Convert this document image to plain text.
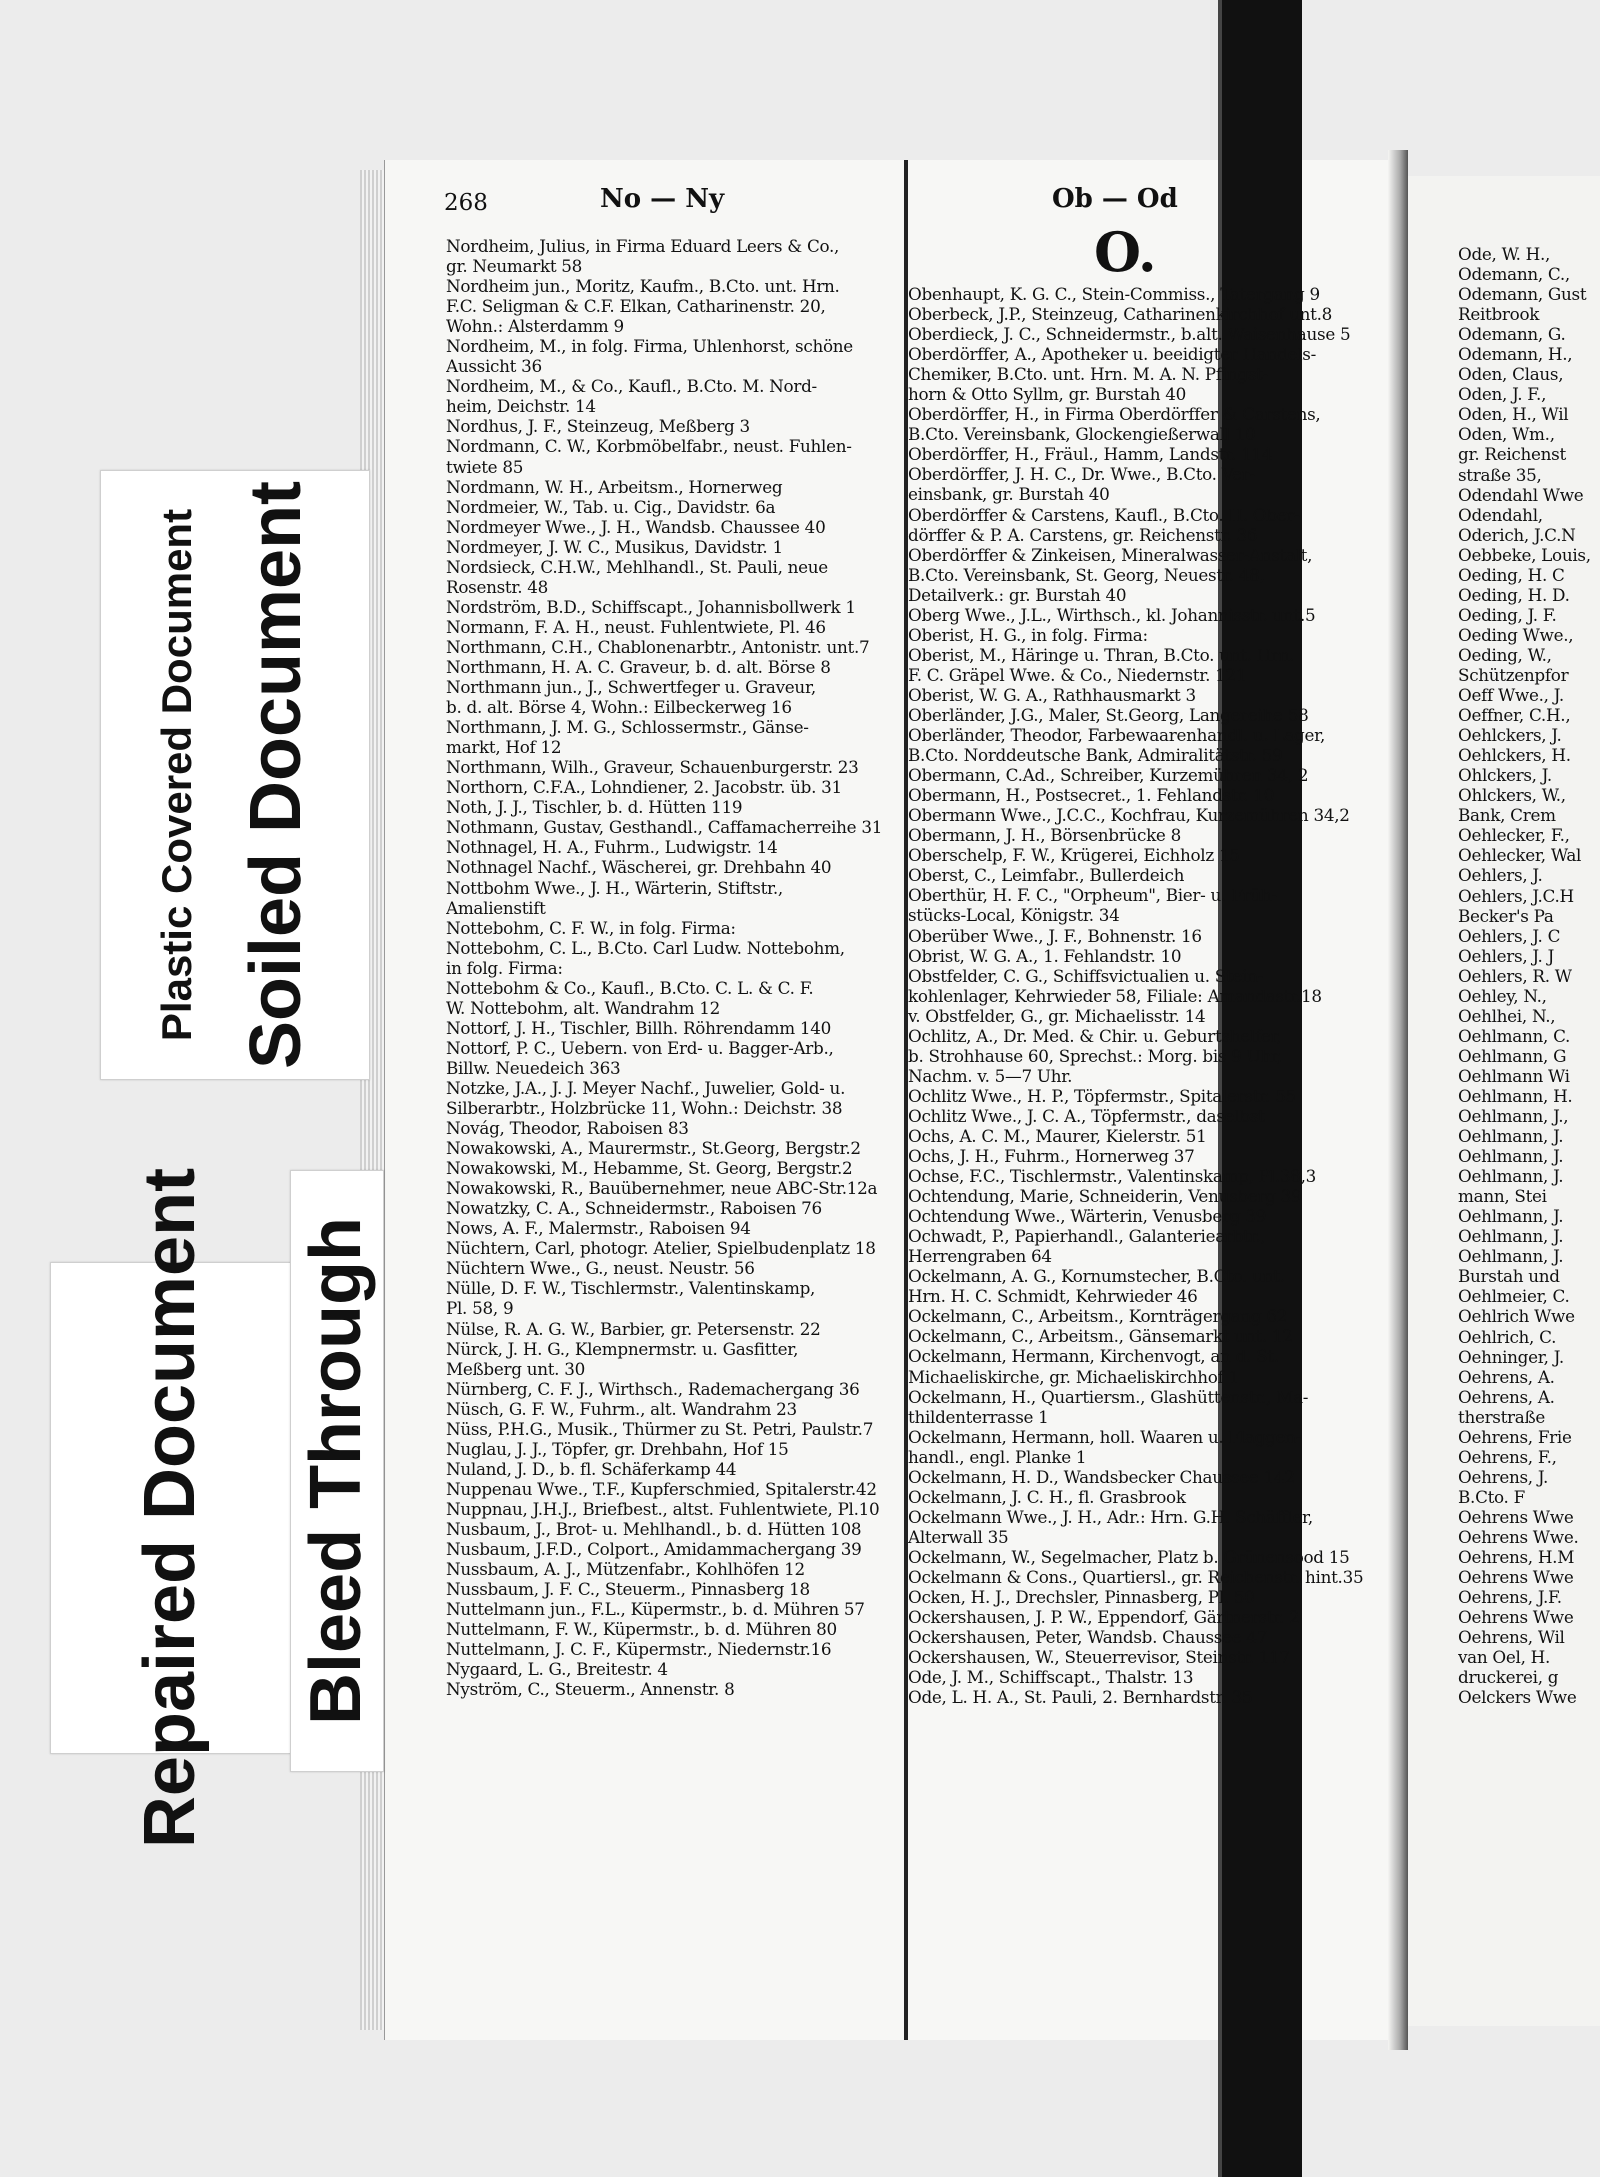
268	No — Ny	Ob — Od
O.
Nordheim, Julius, in Firma Eduard Leers & Co.,
gr. Neumarkt 58
Nordheim jun., Moritz, Kaufm., B.Cto. unt. Hrn.
F.C. Seligman & C.F. Elkan, Catharinenstr. 20,
Wohn.: Alsterdamm 9
Nordheim, M., in folg. Firma, Uhlenhorst, schöne
Aussicht 36
Nordheim, M., & Co., Kaufl., B.Cto. M. Nord-
heim, Deichstr. 14
Nordhus, J. F., Steinzeug, Meßberg 3
Nordmann, C. W., Korbmöbelfabr., neust. Fuhlen-
twiete 85
Nordmann, W. H., Arbeitsm., Hornerweg
Nordmeier, W., Tab. u. Cig., Davidstr. 6a
Nordmeyer Wwe., J. H., Wandsb. Chaussee 40
Nordmeyer, J. W. C., Musikus, Davidstr. 1
Nordsieck, C.H.W., Mehlhandl., St. Pauli, neue
Rosenstr. 48
Nordström, B.D., Schiffscapt., Johannisbollwerk 1
Normann, F. A. H., neust. Fuhlentwiete, Pl. 46
Northmann, C.H., Chablonenarbtr., Antonistr. unt.7
Northmann, H. A. C. Graveur, b. d. alt. Börse 8
Northmann jun., J., Schwertfeger u. Graveur,
b. d. alt. Börse 4, Wohn.: Eilbeckerweg 16
Northmann, J. M. G., Schlossermstr., Gänse-
markt, Hof 12
Northmann, Wilh., Graveur, Schauenburgerstr. 23
Northorn, C.F.A., Lohndiener, 2. Jacobstr. üb. 31
Noth, J. J., Tischler, b. d. Hütten 119
Nothmann, Gustav, Gesthandl., Caffamacherreihe 31
Nothnagel, H. A., Fuhrm., Ludwigstr. 14
Nothnagel Nachf., Wäscherei, gr. Drehbahn 40
Nottbohm Wwe., J. H., Wärterin, Stiftstr.,
Amalienstift
Nottebohm, C. F. W., in folg. Firma:
Nottebohm, C. L., B.Cto. Carl Ludw. Nottebohm,
in folg. Firma:
Nottebohm & Co., Kaufl., B.Cto. C. L. & C. F.
W. Nottebohm, alt. Wandrahm 12
Nottorf, J. H., Tischler, Billh. Röhrendamm 140
Nottorf, P. C., Uebern. von Erd- u. Bagger-Arb.,
Billw. Neuedeich 363
Notzke, J.A., J. J. Meyer Nachf., Juwelier, Gold- u.
Silberarbtr., Holzbrücke 11, Wohn.: Deichstr. 38
Novág, Theodor, Raboisen 83
Nowakowski, A., Maurermstr., St.Georg, Bergstr.2
Nowakowski, M., Hebamme, St. Georg, Bergstr.2
Nowakowski, R., Bauübernehmer, neue ABC-Str.12a
Nowatzky, C. A., Schneidermstr., Raboisen 76
Nows, A. F., Malermstr., Raboisen 94
Nüchtern, Carl, photogr. Atelier, Spielbudenplatz 18
Nüchtern Wwe., G., neust. Neustr. 56
Nülle, D. F. W., Tischlermstr., Valentinskamp,
Pl. 58, 9
Nülse, R. A. G. W., Barbier, gr. Petersenstr. 22
Nürck, J. H. G., Klempnermstr. u. Gasfitter,
Meßberg unt. 30
Nürnberg, C. F. J., Wirthsch., Rademachergang 36
Nüsch, G. F. W., Fuhrm., alt. Wandrahm 23
Nüss, P.H.G., Musik., Thürmer zu St. Petri, Paulstr.7
Nuglau, J. J., Töpfer, gr. Drehbahn, Hof 15
Nuland, J. D., b. fl. Schäferkamp 44
Nuppenau Wwe., T.F., Kupferschmied, Spitalerstr.42
Nuppnau, J.H.J., Briefbest., altst. Fuhlentwiete, Pl.10
Nusbaum, J., Brot- u. Mehlhandl., b. d. Hütten 108
Nusbaum, J.F.D., Colport., Amidammachergang 39
Nussbaum, A. J., Mützenfabr., Kohlhöfen 12
Nussbaum, J. F. C., Steuerm., Pinnasberg 18
Nuttelmann jun., F.L., Küpermstr., b. d. Mühren 57
Nuttelmann, F. W., Küpermstr., b. d. Mühren 80
Nuttelmann, J. C. F., Küpermstr., Niedernstr.16
Nygaard, L. G., Breitestr. 4
Nyström, C., Steuerm., Annenstr. 8
Obenhaupt, K. G. C., Stein-Commiss., Tatergang 9
Oberbeck, J.P., Steinzeug, Catharinenkirchhof unt.8
Oberdieck, J. C., Schneidermstr., b.alt. Waisenhause 5
Oberdörffer, A., Apotheker u. beeidigter Handels-
Chemiker, B.Cto. unt. Hrn. M. A. N. Pfingst-
horn & Otto Syllm, gr. Burstah 40
Oberdörffer, H., in Firma Oberdörffer & Carstens,
B.Cto. Vereinsbank, Glockengießerwall 10
Oberdörffer, H., Fräul., Hamm, Landstr. 114
Oberdörffer, J. H. C., Dr. Wwe., B.Cto. Ver-
einsbank, gr. Burstah 40
Oberdörffer & Carstens, Kaufl., B.Cto. H. Ober-
dörffer & P. A. Carstens, gr. Reichenstr. 36
Oberdörffer & Zinkeisen, Mineralwasser-Anstalt,
B.Cto. Vereinsbank, St. Georg, Neuestr. 48,
Detailverk.: gr. Burstah 40
Oberg Wwe., J.L., Wirthsch., kl. Johannisstr. unt.5
Oberist, H. G., in folg. Firma:
Oberist, M., Häringe u. Thran, B.Cto. unt. Hrn.
F. C. Gräpel Wwe. & Co., Niedernstr. 121
Oberist, W. G. A., Rathhausmarkt 3
Oberländer, J.G., Maler, St.Georg, Langereihe 58
Oberländer, Theodor, Farbewaarenhandl. u. Lager,
B.Cto. Norddeutsche Bank, Admiralitätstr. 59
Obermann, C.Ad., Schreiber, Kurzemühren 34, 2
Obermann, H., Postsecret., 1. Fehlandstr. 10
Obermann Wwe., J.C.C., Kochfrau, Kurzemühren 34,2
Obermann, J. H., Börsenbrücke 8
Oberschelp, F. W., Krügerei, Eichholz 15
Oberst, C., Leimfabr., Bullerdeich
Oberthür, H. F. C., "Orpheum", Bier- u. Früh-
stücks-Local, Königstr. 34
Oberüber Wwe., J. F., Bohnenstr. 16
Obrist, W. G. A., 1. Fehlandstr. 10
Obstfelder, C. G., Schiffsvictualien u. Stein-
kohlenlager, Kehrwieder 58, Filiale: Amandastr.18
v. Obstfelder, G., gr. Michaelisstr. 14
Ochlitz, A., Dr. Med. & Chir. u. Geburtshelfer,
b. Strohhause 60, Sprechst.: Morg. bis 9 Uhr,
Nachm. v. 5—7 Uhr.
Ochlitz Wwe., H. P., Töpfermstr., Spitalerstr. 55
Ochlitz Wwe., J. C. A., Töpfermstr., daselbst
Ochs, A. C. M., Maurer, Kielerstr. 51
Ochs, J. H., Fuhrm., Hornerweg 37
Ochse, F.C., Tischlermstr., Valentinskamp, Pl.38,3
Ochtendung, Marie, Schneiderin, Venusberg 39
Ochtendung Wwe., Wärterin, Venusberg 39
Ochwadt, P., Papierhandl., Galanteriearbtr.,
Herrengraben 64
Ockelmann, A. G., Kornumstecher, B.Cto. unt.
Hrn. H. C. Schmidt, Kehrwieder 46
Ockelmann, C., Arbeitsm., Kornträgergang 62
Ockelmann, C., Arbeitsm., Gänsemarkt unt. 12
Ockelmann, Hermann, Kirchenvogt, an d. St.
Michaeliskirche, gr. Michaeliskirchhof 1
Ockelmann, H., Quartiersm., Glashüttenstr., Ma-
thildenterrasse 1
Ockelmann, Hermann, holl. Waaren u. Flaggen-
handl., engl. Planke 1
Ockelmann, H. D., Wandsbecker Chaussee 142
Ockelmann, J. C. H., fl. Grasbrook
Ockelmann Wwe., J. H., Adr.: Hrn. G.H. Schäffler,
Alterwall 35
Ockelmann, W., Segelmacher, Platz b. Grünensood 15
Ockelmann & Cons., Quartiersl., gr. Reichenstr. hint.35
Ocken, H. J., Drechsler, Pinnasberg, Pl. 50
Ockershausen, J. P. W., Eppendorf, Gärtnerstr. 2
Ockershausen, Peter, Wandsb. Chaussee 47
Ockershausen, W., Steuerrevisor, Steinstr. 117
Ode, J. M., Schiffscapt., Thalstr. 13
Ode, L. H. A., St. Pauli, 2. Bernhardstr. 35
Ode, W. H.,
Odemann, C.,
Odemann, Gust
Reitbrook
Odemann, G.
Odemann, H.,
Oden, Claus,
Oden, J. F.,
Oden, H., Wil
Oden, Wm.,
gr. Reichenst
straße 35,
Odendahl Wwe
Odendahl,
Oderich, J.C.N
Oebbeke, Louis,
Oeding, H. C
Oeding, H. D.
Oeding, J. F.
Oeding Wwe.,
Oeding, W.,
Schützenpfor
Oeff Wwe., J.
Oeffner, C.H.,
Oehlckers, J.
Oehlckers, H.
Ohlckers, J.
Ohlckers, W.,
Bank, Crem
Oehlecker, F.,
Oehlecker, Wal
Oehlers, J.
Oehlers, J.C.H
Becker's Pa
Oehlers, J. C
Oehlers, J. J
Oehlers, R. W
Oehley, N.,
Oehlhei, N.,
Oehlmann, C.
Oehlmann, G
Oehlmann Wi
Oehlmann, H.
Oehlmann, J.,
Oehlmann, J.
Oehlmann, J.
Oehlmann, J.
mann, Stei
Oehlmann, J.
Oehlmann, J.
Oehlmann, J.
Burstah und
Oehlmeier, C.
Oehlrich Wwe
Oehlrich, C.
Oehninger, J.
Oehrens, A.
Oehrens, A.
therstraße
Oehrens, Frie
Oehrens, F.,
Oehrens, J.
B.Cto. F
Oehrens Wwe
Oehrens Wwe.
Oehrens, H.M
Oehrens Wwe
Oehrens, J.F.
Oehrens Wwe
Oehrens, Wil
van Oel, H.
druckerei, g
Oelckers Wwe
Plastic Covered Document Soiled Document
Repaired Document Bleed Through
